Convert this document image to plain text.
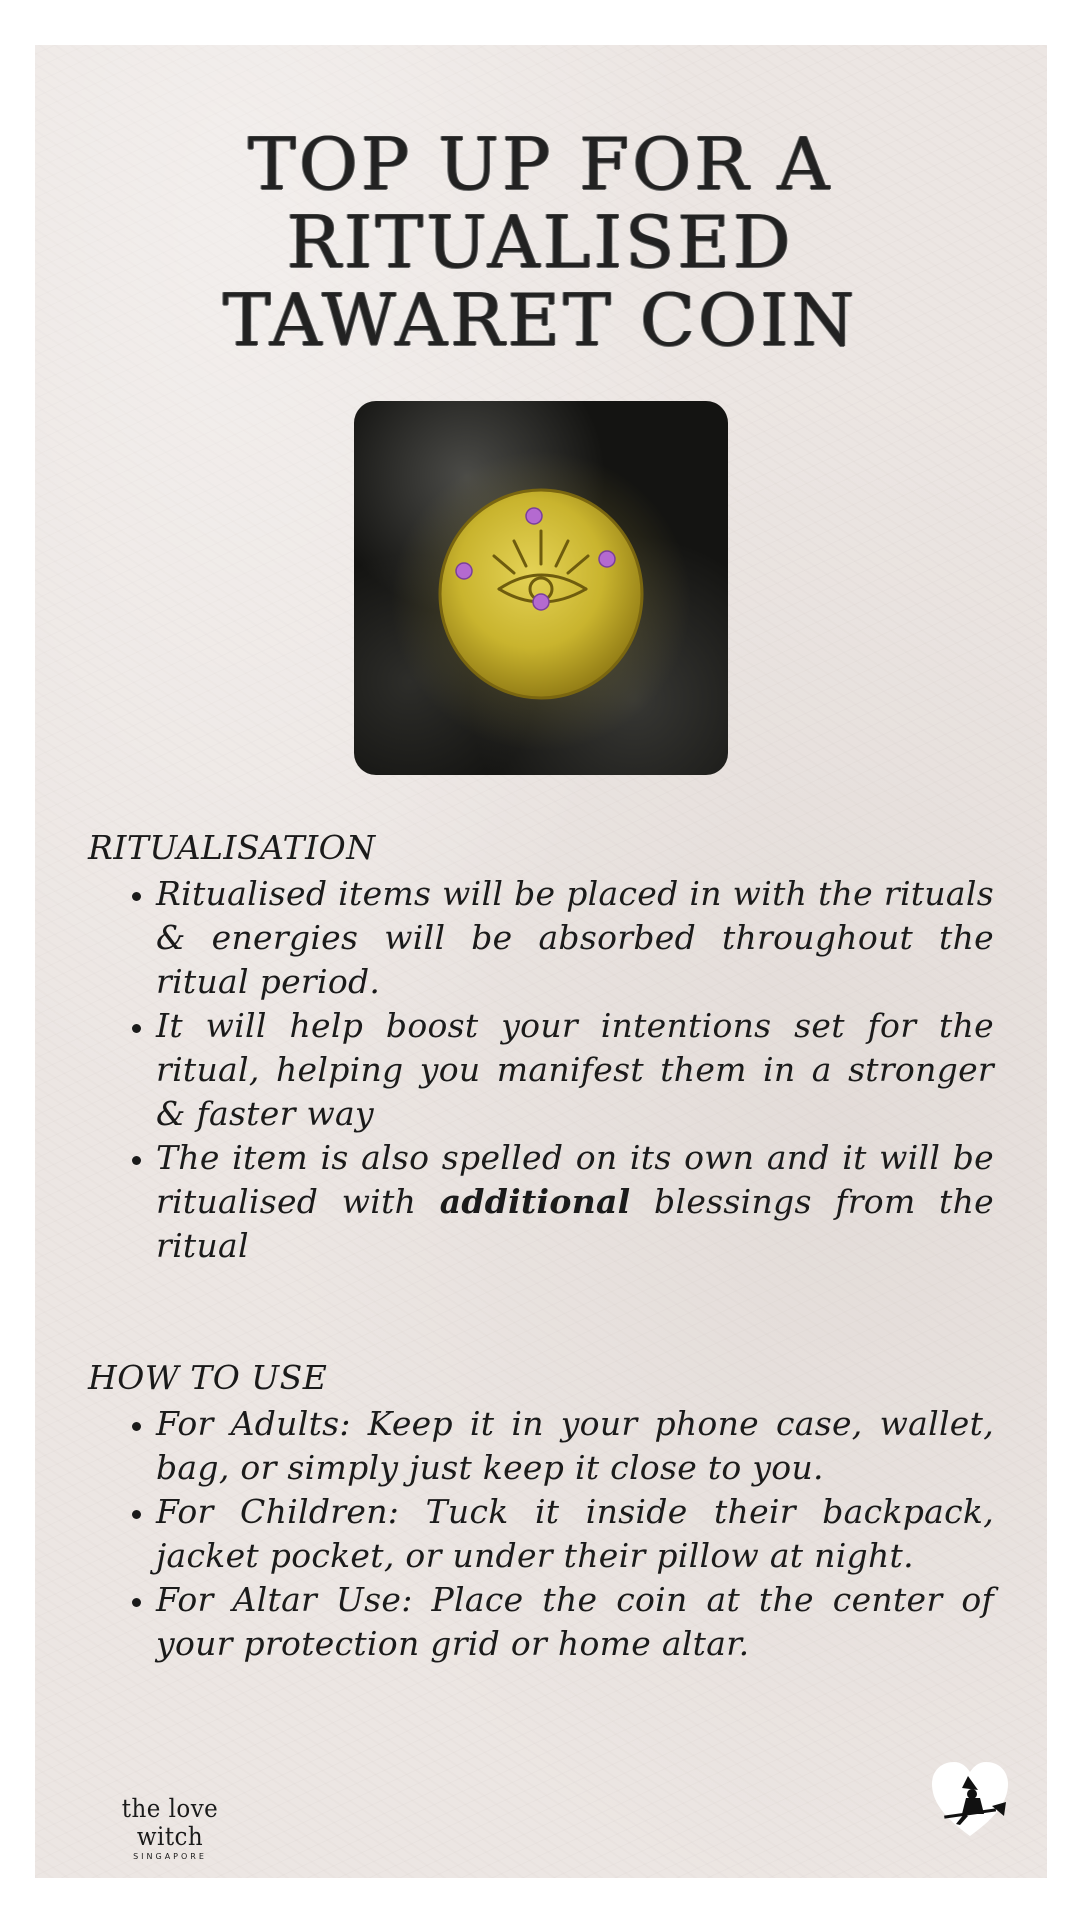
TOP UP FOR A
RITUALISED
TAWARET COIN
RITUALISATION
• Ritualised items will be placed in with the rituals & energies will be absorbed throughout the ritual period.
• It will help boost your intentions set for the ritual, helping you manifest them in a stronger & faster way
• The item is also spelled on its own and it will be ritualised with additional blessings from the ritual
HOW TO USE
• For Adults: Keep it in your phone case, wallet, bag, or simply just keep it close to you.
• For Children: Tuck it inside their backpack, jacket pocket, or under their pillow at night.
• For Altar Use: Place the coin at the center of your protection grid or home altar.
the love witch
SINGAPORE
